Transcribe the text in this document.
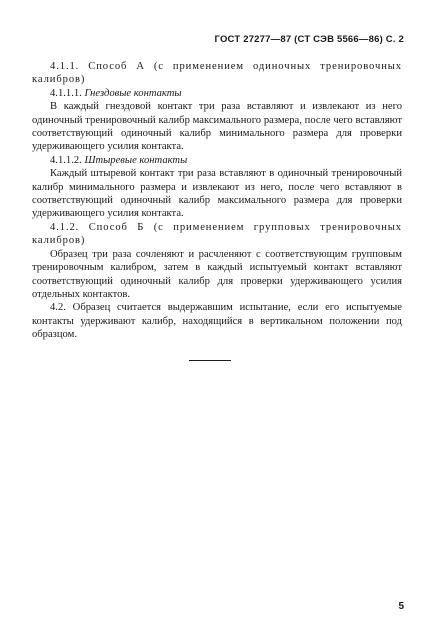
ГОСТ 27277—87 (СТ СЭВ 5566—86) С. 2

4.1.1. Способ А (с применением одиночных тренировочных калибров)

4.1.1.1. Гнездовые контакты

В каждый гнездовой контакт три раза вставляют и извлекают из него одиночный тренировочный калибр максимального размера, после чего вставляют соответствующий одиночный калибр минимального размера для проверки удерживающего усилия контакта.

4.1.1.2. Штыревые контакты

Каждый штыревой контакт три раза вставляют в одиночный тренировочный калибр минимального размера и извлекают из него, после чего вставляют в соответствующий одиночный калибр максимального размера для проверки удерживающего усилия контакта.

4.1.2. Способ Б (с применением групповых тренировочных калибров)

Образец три раза сочленяют и расчленяют с соответствующим групповым тренировочным калибром, затем в каждый испытуемый контакт вставляют соответствующий одиночный калибр для проверки удерживающего усилия отдельных контактов.

4.2. Образец считается выдержавшим испытание, если его испытуемые контакты удерживают калибр, находящийся в вертикальном положении под образцом.

5
